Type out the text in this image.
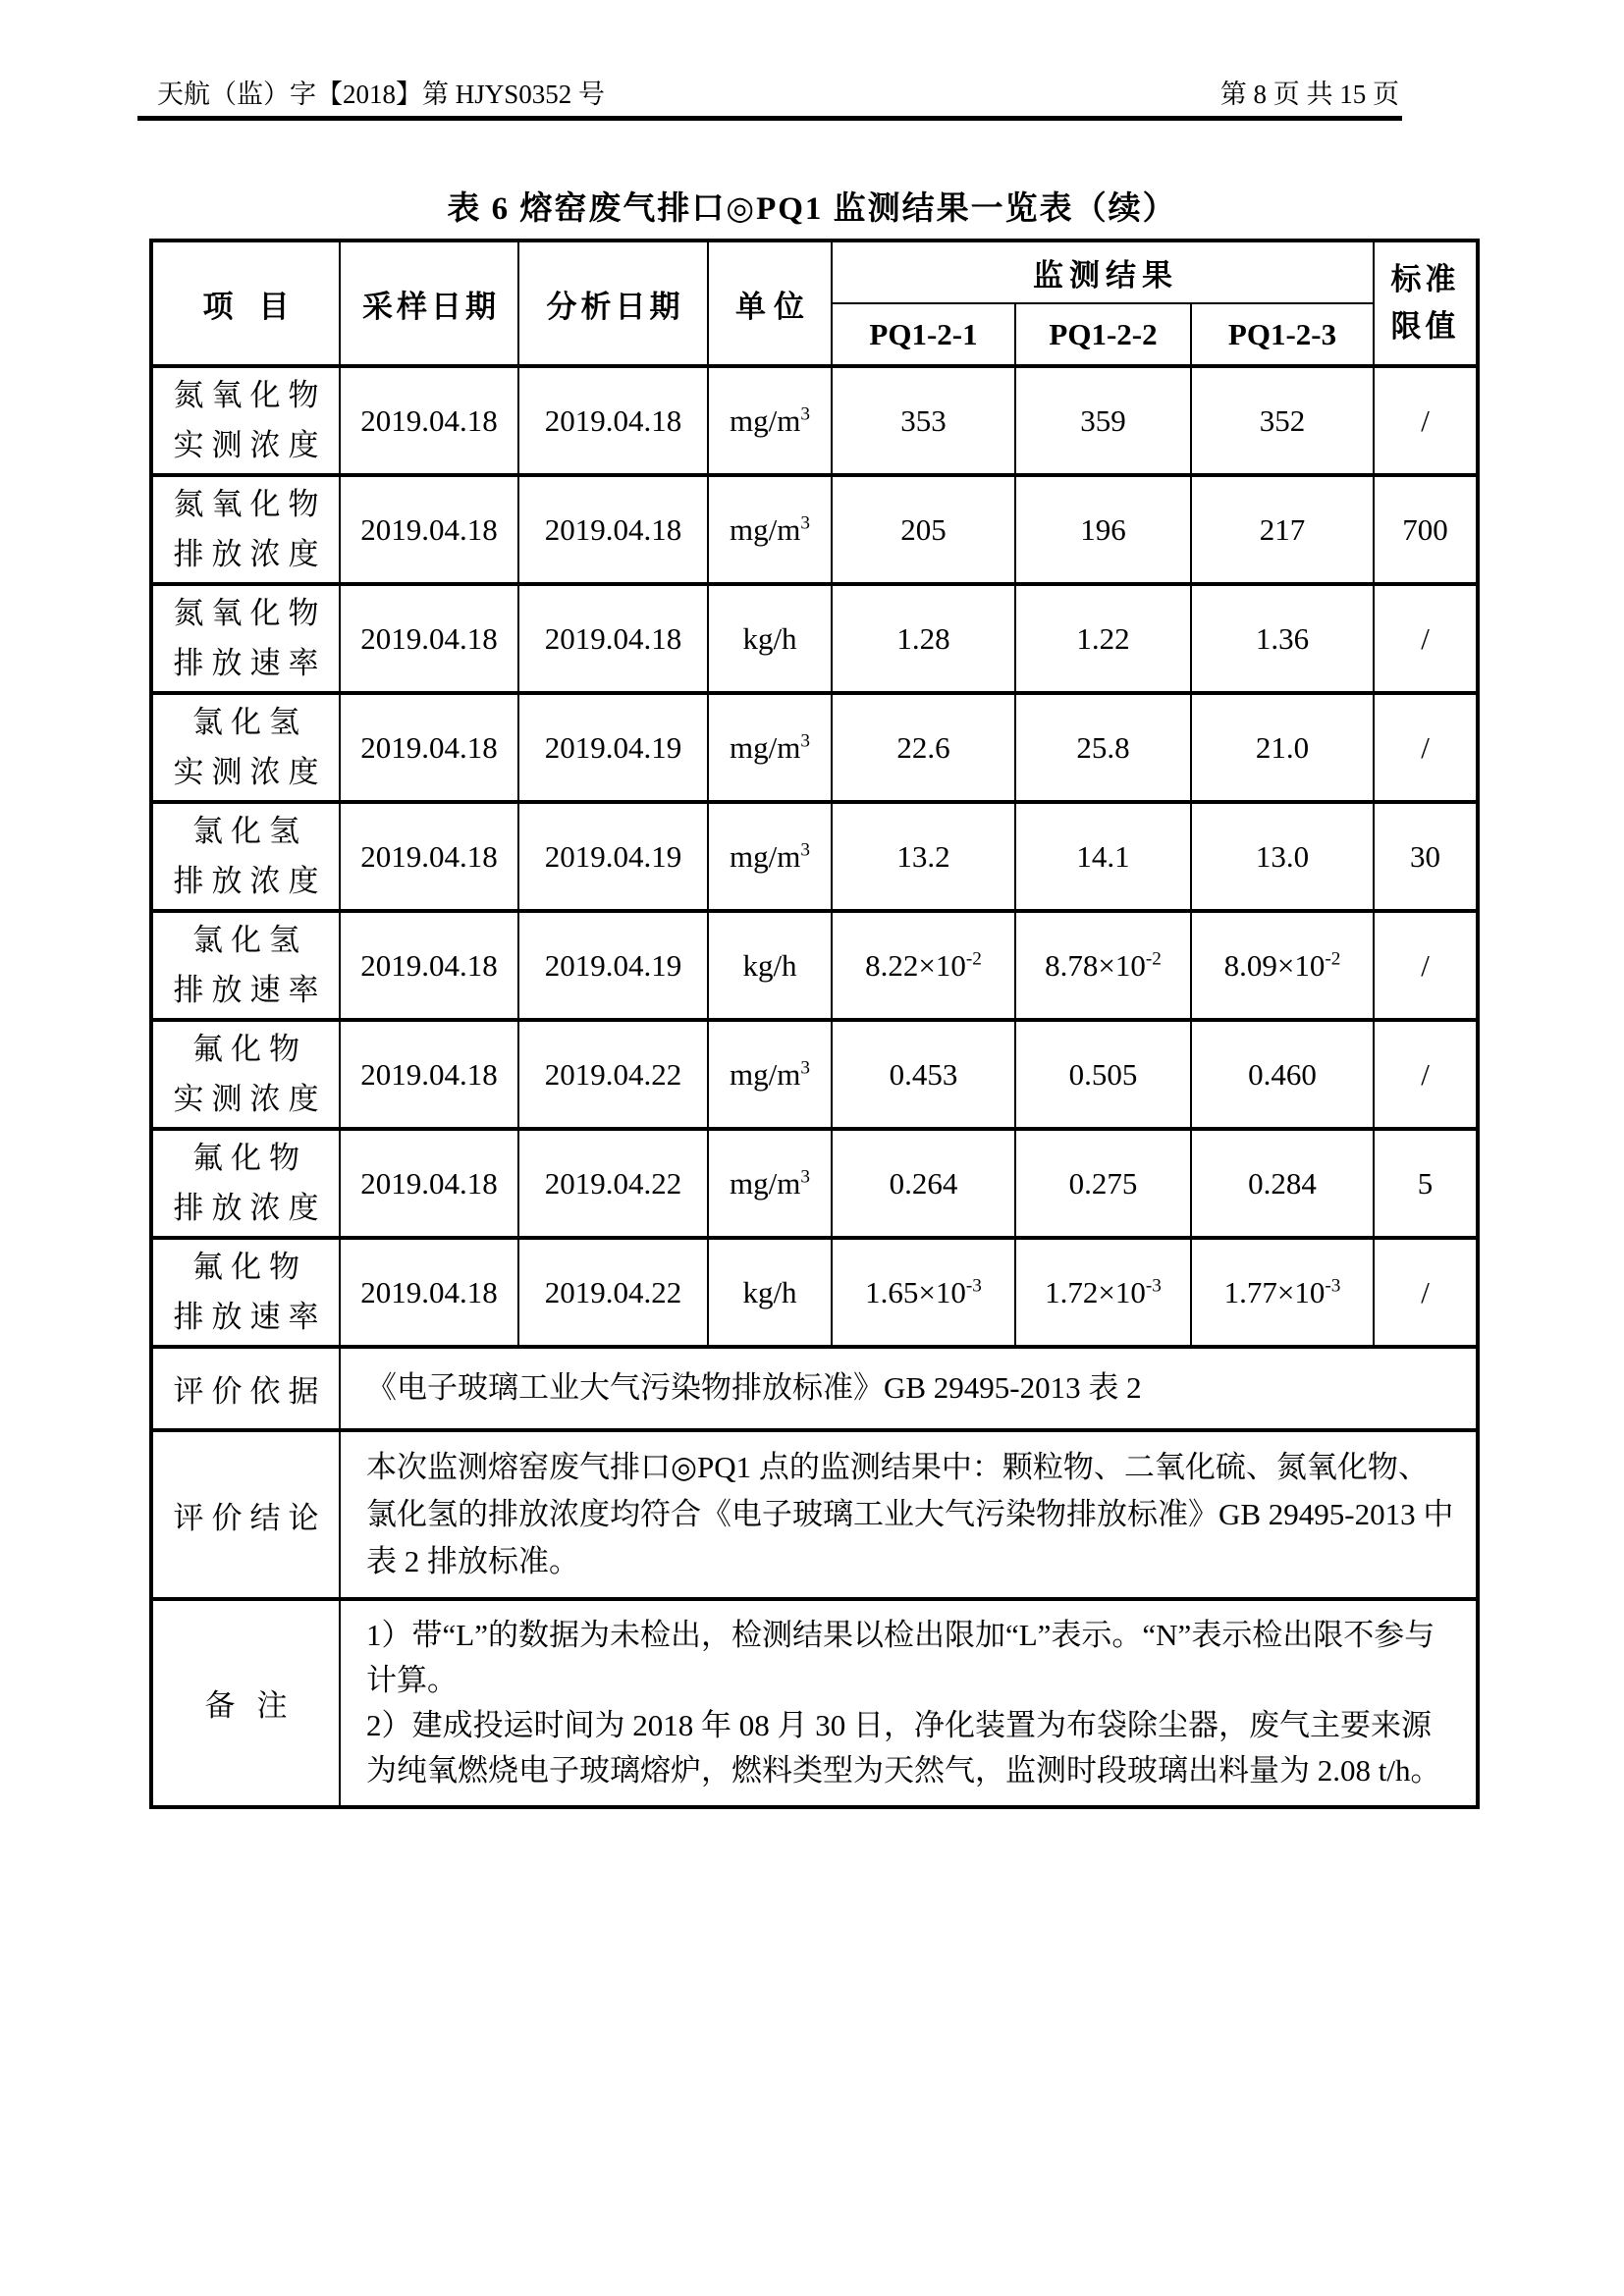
天航（监）字【2018】第 HJYS0352 号	第 8 页 共 15 页
表 6 熔窑废气排口◎PQ1 监测结果一览表（续）
项目	采样日期	分析日期	单位	监测结果			标准限值
				PQ1-2-1	PQ1-2-2	PQ1-2-3	

氮氧化物
实测浓度	2019.04.18	2019.04.18	$mg/m^3$	353	359	352	/

氮氧化物
排放浓度	2019.04.18	2019.04.18	$mg/m^3$	205	196	217	700

氮氧化物
排放速率	2019.04.18	2019.04.18	kg/h	1.28	1.22	1.36	/

氯化氢
实测浓度	2019.04.18	2019.04.19	$mg/m^3$	22.6	25.8	21.0	/

氯化氢
排放浓度	2019.04.18	2019.04.19	$mg/m^3$	13.2	14.1	13.0	30

氯化氢
排放速率	2019.04.18	2019.04.19	kg/h	$8.22\times 10^{-2}$	$8.78\times 10^{-2}$	$8.09\times 10^{-2}$	/

氟化物
实测浓度	2019.04.18	2019.04.22	$mg/m^3$	0.453	0.505	0.460	/

氟化物
排放浓度	2019.04.18	2019.04.22	$mg/m^3$	0.264	0.275	0.284	5

氟化物
排放速率	2019.04.18	2019.04.22	kg/h	$1.65\times 10^{-3}$	$1.72\times 10^{-3}$	$1.77\times 10^{-3}$	/
评价依据	《电子玻璃工业大气污染物排放标准》GB 29495-2013 表 2						
评价结论	本次监测熔窑废气排口◎PQ1 点的监测结果中：颗粒物、二氧化硫、氮氧化物、氯化氢的排放浓度均符合《电子玻璃工业大气污染物排放标准》GB 29495-2013 中表 2 排放标准。						
备注	1）带“L”的数据为未检出，检测结果以检出限加“L”表示。“N”表示检出限不参与计算。

2）建成投运时间为 2018 年 08 月 30 日，净化装置为布袋除尘器，废气主要来源为纯氧燃烧电子玻璃熔炉，燃料类型为天然气，监测时段玻璃出料量为 2.08 t/h。						
